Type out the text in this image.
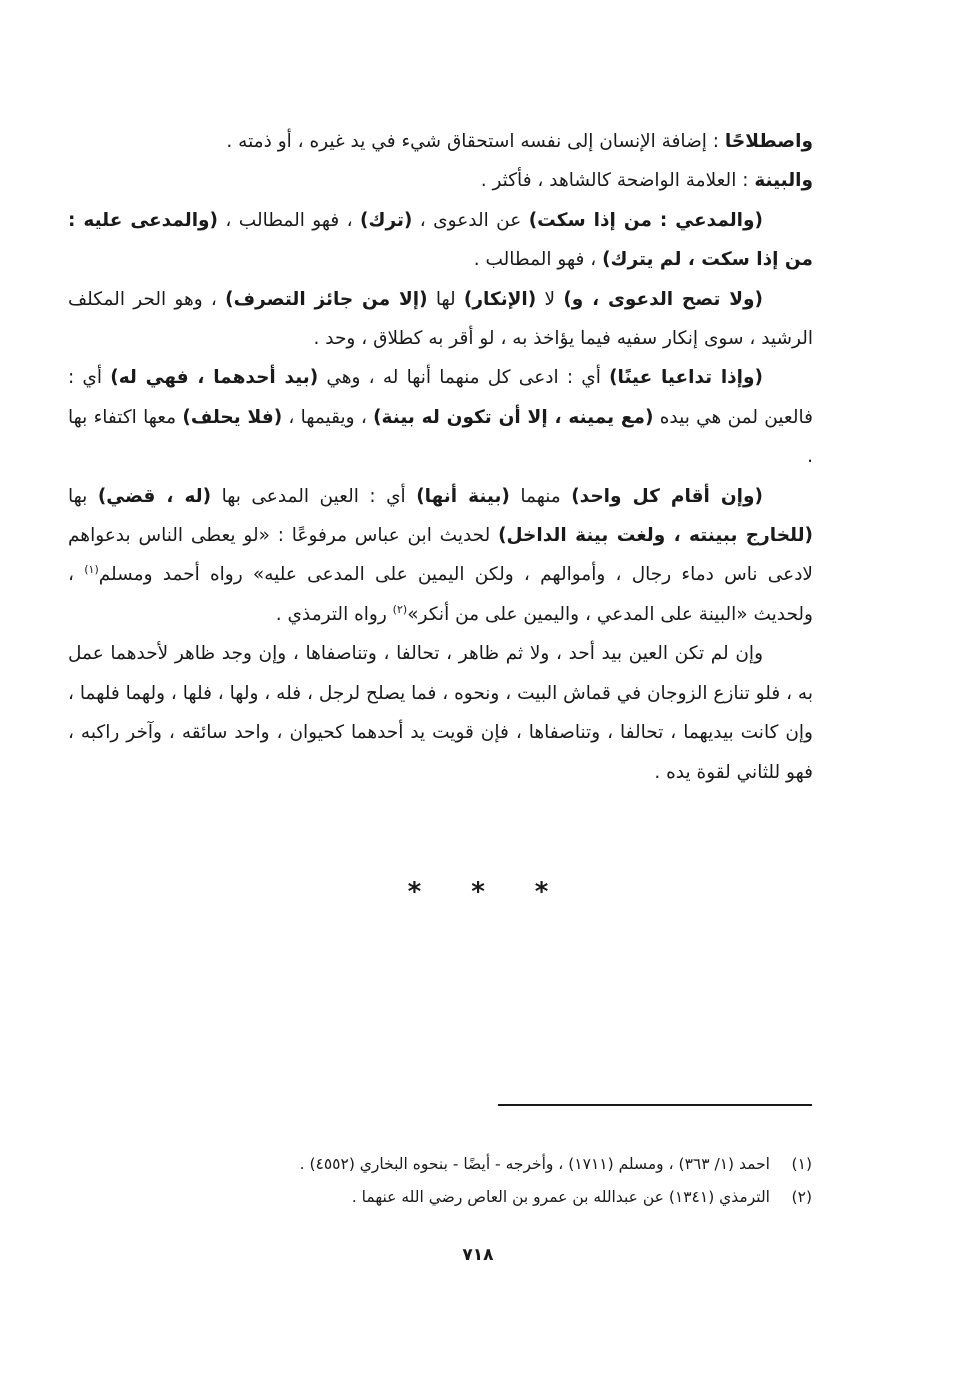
واصطلاحًا : إضافة الإنسان إلى نفسه استحقاق شيء في يد غيره ، أو ذمته .

والبينة : العلامة الواضحة كالشاهد ، فأكثر .

(والمدعي : من إذا سكت) عن الدعوى ، (ترك) ، فهو المطالب ، (والمدعى عليه : من إذا سكت ، لم يترك) ، فهو المطالب .

(ولا تصح الدعوى ، و) لا (الإنكار) لها (إلا من جائز التصرف) ، وهو الحر المكلف الرشيد ، سوى إنكار سفيه فيما يؤاخذ به ، لو أقر به كطلاق ، وحد .

(وإذا تداعيا عينًا) أي : ادعى كل منهما أنها له ، وهي (بيد أحدهما ، فهي له) أي : فالعين لمن هي بيده (مع يمينه ، إلا أن تكون له بينة) ، ويقيمها ، (فلا يحلف) معها اكتفاء بها .

(وإن أقام كل واحد) منهما (بينة أنها) أي : العين المدعى بها (له ، قضي) بها (للخارج ببينته ، ولغت بينة الداخل) لحديث ابن عباس مرفوعًا : «لو يعطى الناس بدعواهم لادعى ناس دماء رجال ، وأموالهم ، ولكن اليمين على المدعى عليه» رواه أحمد ومسلم$^{(١)}$ ، ولحديث «البينة على المدعي ، واليمين على من أنكر»$^{(٢)}$ رواه الترمذي .

وإن لم تكن العين بيد أحد ، ولا ثم ظاهر ، تحالفا ، وتناصفاها ، وإن وجد ظاهر لأحدهما عمل به ، فلو تنازع الزوجان في قماش البيت ، ونحوه ، فما يصلح لرجل ، فله ، ولها ، فلها ، ولهما فلهما ، وإن كانت بيديهما ، تحالفا ، وتناصفاها ، فإن قويت يد أحدهما كحيوان ، واحد سائقه ، وآخر راكبه ، فهو للثاني لقوة يده .

* * *

(١)احمد (١/ ٣٦٣) ، ومسلم (١٧١١) ، وأخرجه - أيضًا - بنحوه البخاري (٤٥٥٢) .

(٢)الترمذي (١٣٤١) عن عبدالله بن عمرو بن العاص رضي الله عنهما .

٧١٨
